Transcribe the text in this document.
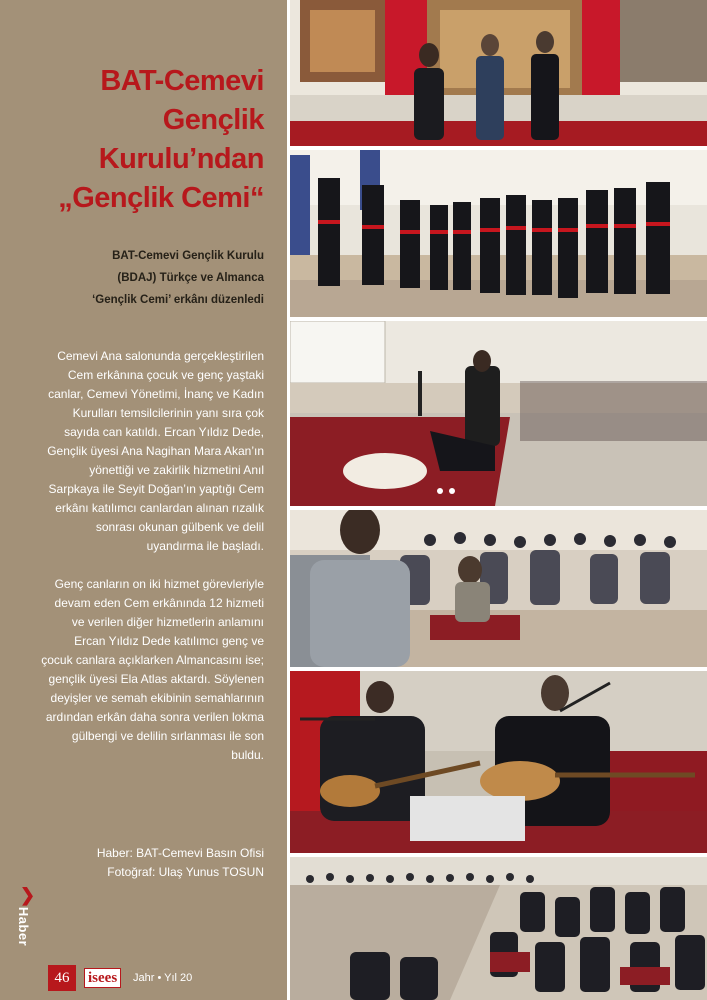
BAT-Cemevi
Gençlik
Kurulu’ndan
„Gençlik Cemi“
BAT-Cemevi Gençlik Kurulu
(BDAJ) Türkçe ve Almanca
‘Gençlik Cemi’ erkânı düzenledi

Cemevi Ana salonunda gerçekleştirilen Cem erkânına çocuk ve genç yaştaki canlar, Cemevi Yönetimi, İnanç ve Kadın Kurulları temsilcilerinin yanı sıra çok sayıda can katıldı. Ercan Yıldız Dede, Gençlik üyesi Ana Nagihan Mara Akan’ın yönettiği ve zakirlik hizmetini Anıl Sarpkaya ile Seyit Doğan’ın yaptığı Cem erkânı katılımcı canlardan alınan rızalık sonrası okunan gülbenk ve delil uyandırma ile başladı.

Genç canların on iki hizmet görevleriyle devam eden Cem erkânında 12 hizmeti ve verilen diğer hizmetlerin anlamını Ercan Yıldız Dede katılımcı genç ve çocuk canlara açıklarken Almancasını ise; gençlik üyesi Ela Atlas aktardı. Söylenen deyişler ve semah ekibinin semahlarının ardından erkân daha sonra verilen lokma gülbengi ve delilin sırlanması ile son buldu.

Haber: BAT-Cemevi Basın Ofisi
Fotoğraf: Ulaş Yunus TOSUN
❯
Haber
46	isees	Jahr • Yıl 20
